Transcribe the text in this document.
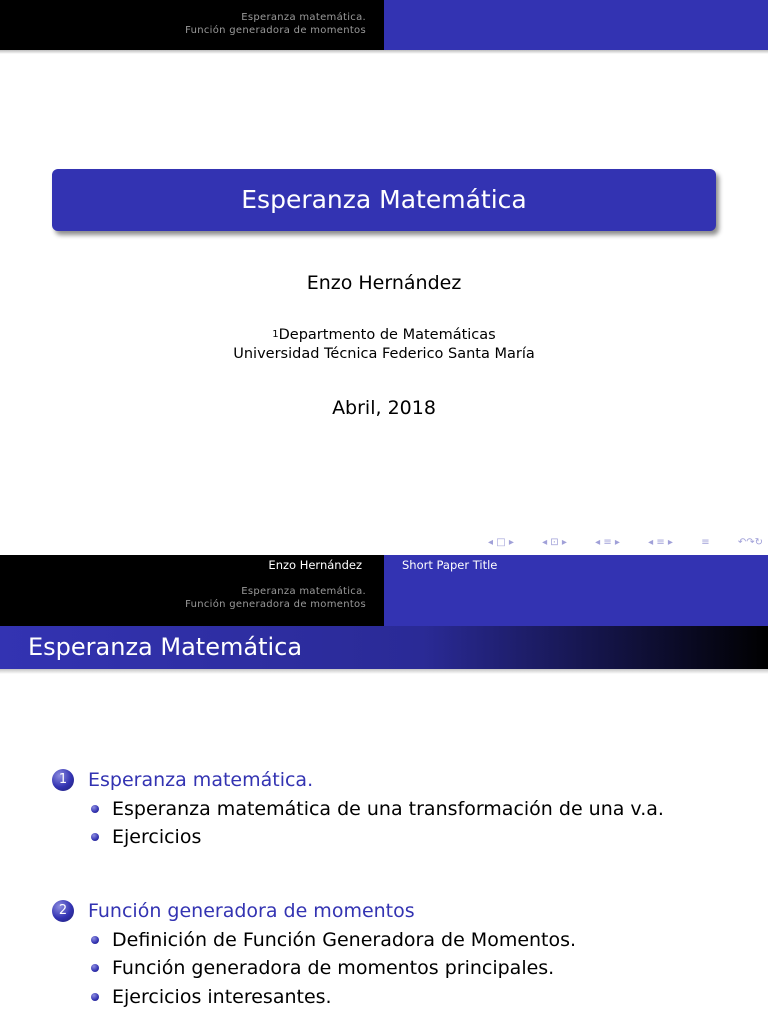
Esperanza matemática.
Función generadora de momentos
Esperanza Matemática
Enzo Hernández
$^1$Departmento de Matemáticas
Universidad Técnica Federico Santa María
Abril, 2018
◂ □ ▸	◂ ⊡ ▸	◂ ≡ ▸	◂ ≡ ▸	≡	↶↷↻
Enzo Hernández
Esperanza matemática.
Función generadora de momentos
Short Paper Title
Esperanza Matemática
1	Esperanza matemática.
Esperanza matemática de una transformación de una v.a.
Ejercicios
2	Función generadora de momentos
Definición de Función Generadora de Momentos.
Función generadora de momentos principales.
Ejercicios interesantes.
